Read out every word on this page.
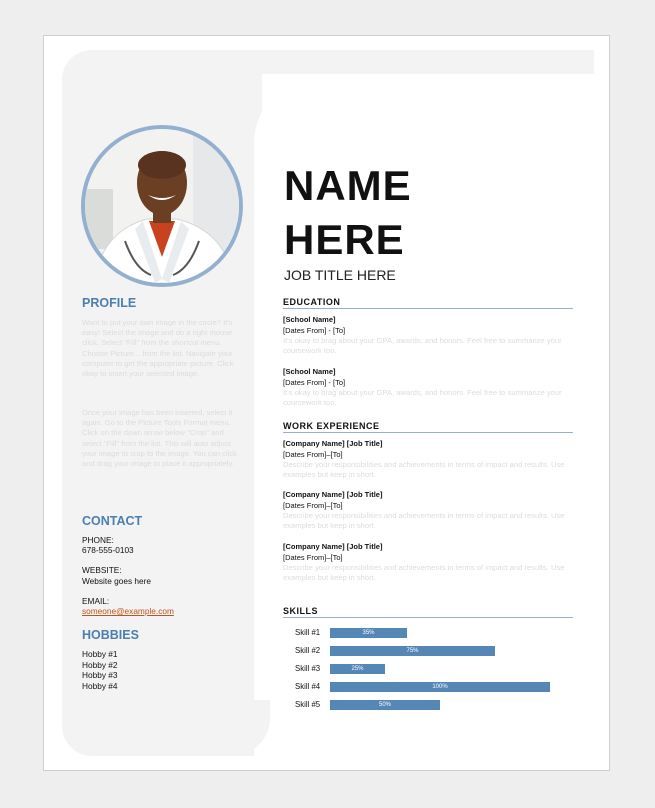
PROFILE

Want to put your own image in the circle? It's easy! Select the image and do a right mouse click. Select "Fill" from the shortcut menu. Choose Picture... from the list. Navigate your computer to get the appropriate picture. Click okay to insert your selected image.

Once your image has been inserted, select it again. Go to the Picture Tools Format menu. Click on the down arrow below "Crop" and select "Fill" from the list. This will auto adjust your image to crop to the image. You can click and drag your image to place it appropriately.

CONTACT

PHONE:

678-555-0103

WEBSITE:

Website goes here

EMAIL:

someone@example.com

HOBBIES

Hobby #1

Hobby #2

Hobby #3

Hobby #4

NAME
HERE

JOB TITLE HERE

EDUCATION

[School Name]

[Dates From] - [To]

It's okay to brag about your GPA, awards, and honors. Feel free to summarize your coursework too.

[School Name]

[Dates From] - [To]

It's okay to brag about your GPA, awards, and honors. Feel free to summarize your coursework too.

WORK EXPERIENCE

[Company Name] [Job Title]

[Dates From]–[To]

Describe your responsibilities and achievements in terms of impact and results. Use examples but keep in short.

[Company Name] [Job Title]

[Dates From]–[To]

Describe your responsibilities and achievements in terms of impact and results. Use examples but keep in short.

[Company Name] [Job Title]

[Dates From]–[To]

Describe your responsibilities and achievements in terms of impact and results. Use examples but keep in short.

SKILLS
Skill #1	35%
Skill #2	75%
Skill #3	25%
Skill #4	100%
Skill #5	50%
